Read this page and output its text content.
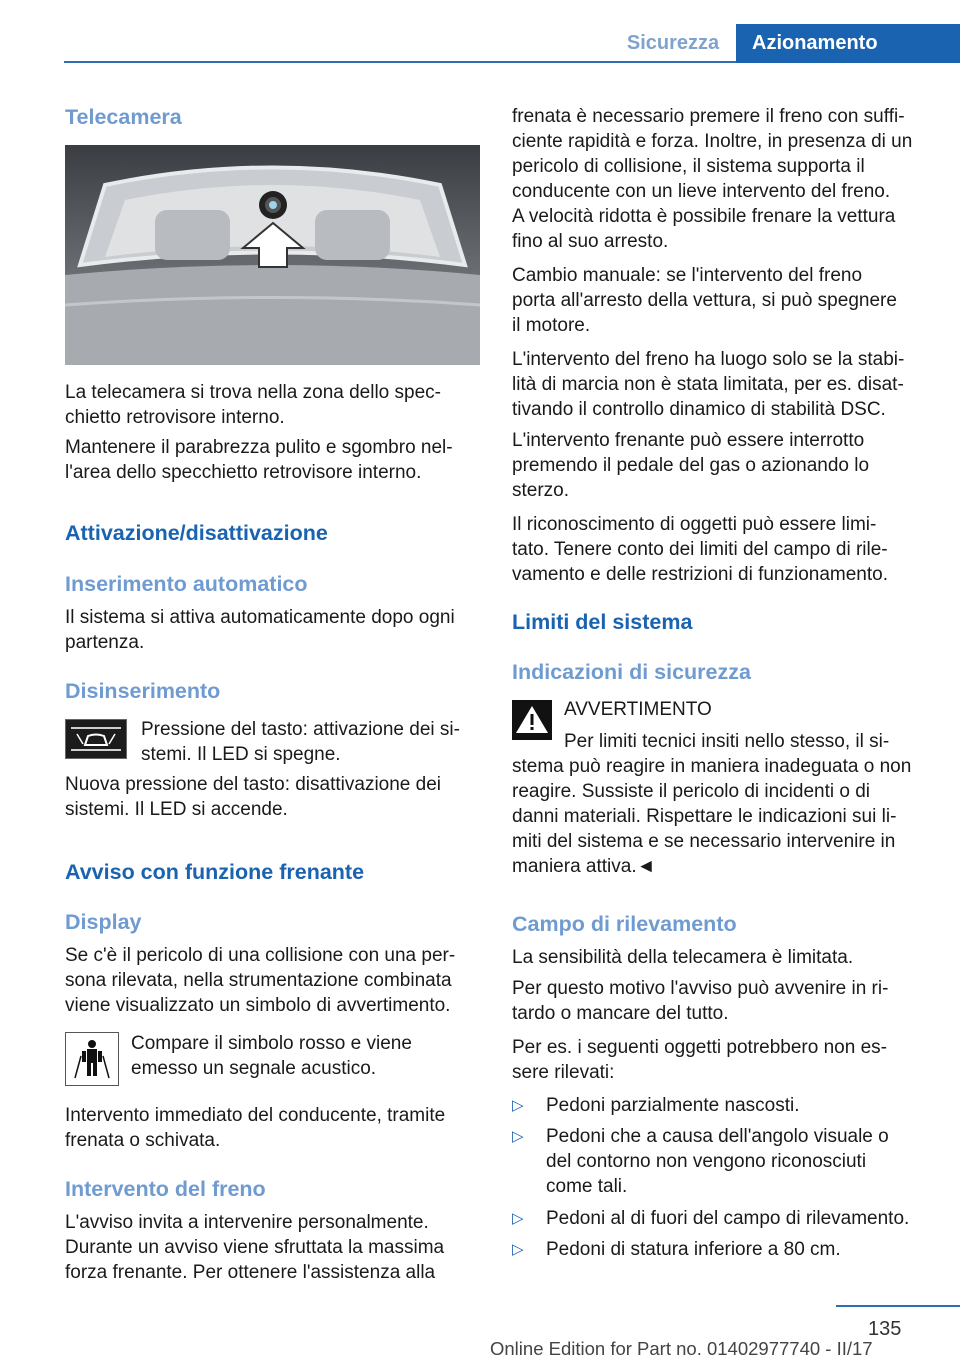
Sicurezza	Azionamento
Telecamera

La telecamera si trova nella zona dello spec-
chietto retrovisore interno.

Mantenere il parabrezza pulito e sgombro nel-
l'area dello specchietto retrovisore interno.

Attivazione/disattivazione
Inserimento automatico

Il sistema si attiva automaticamente dopo ogni
partenza.

Disinserimento

Pressione del tasto: attivazione dei si-
stemi. Il LED si spegne.

Nuova pressione del tasto: disattivazione dei
sistemi. Il LED si accende.

Avviso con funzione frenante
Display

Se c'è il pericolo di una collisione con una per-
sona rilevata, nella strumentazione combinata
viene visualizzato un simbolo di avvertimento.

Compare il simbolo rosso e viene
emesso un segnale acustico.

Intervento immediato del conducente, tramite
frenata o schivata.

Intervento del freno

L'avviso invita a intervenire personalmente.
Durante un avviso viene sfruttata la massima
forza frenante. Per ottenere l'assistenza alla

frenata è necessario premere il freno con suffi-
ciente rapidità e forza. Inoltre, in presenza di un
pericolo di collisione, il sistema supporta il
conducente con un lieve intervento del freno.
A velocità ridotta è possibile frenare la vettura
fino al suo arresto.

Cambio manuale: se l'intervento del freno
porta all'arresto della vettura, si può spegnere
il motore.

L'intervento del freno ha luogo solo se la stabi-
lità di marcia non è stata limitata, per es. disat-
tivando il controllo dinamico di stabilità DSC.

L'intervento frenante può essere interrotto
premendo il pedale del gas o azionando lo
sterzo.

Il riconoscimento di oggetti può essere limi-
tato. Tenere conto dei limiti del campo di rile-
vamento e delle restrizioni di funzionamento.

Limiti del sistema
Indicazioni di sicurezza

AVVERTIMENTO

Per limiti tecnici insiti nello stesso, il si-

stema può reagire in maniera inadeguata o non
reagire. Sussiste il pericolo di incidenti o di
danni materiali. Rispettare le indicazioni sui li-
miti del sistema e se necessario intervenire in
maniera attiva.◄

Campo di rilevamento

La sensibilità della telecamera è limitata.

Per questo motivo l'avviso può avvenire in ri-
tardo o mancare del tutto.

Per es. i seguenti oggetti potrebbero non es-
sere rilevati:

▷ Pedoni parzialmente nascosti.
▷ Pedoni che a causa dell'angolo visuale o
del contorno non vengono riconosciuti
come tali.
▷ Pedoni al di fuori del campo di rilevamento.
▷ Pedoni di statura inferiore a 80 cm.
135
Online Edition for Part no. 01402977740 - II/17
